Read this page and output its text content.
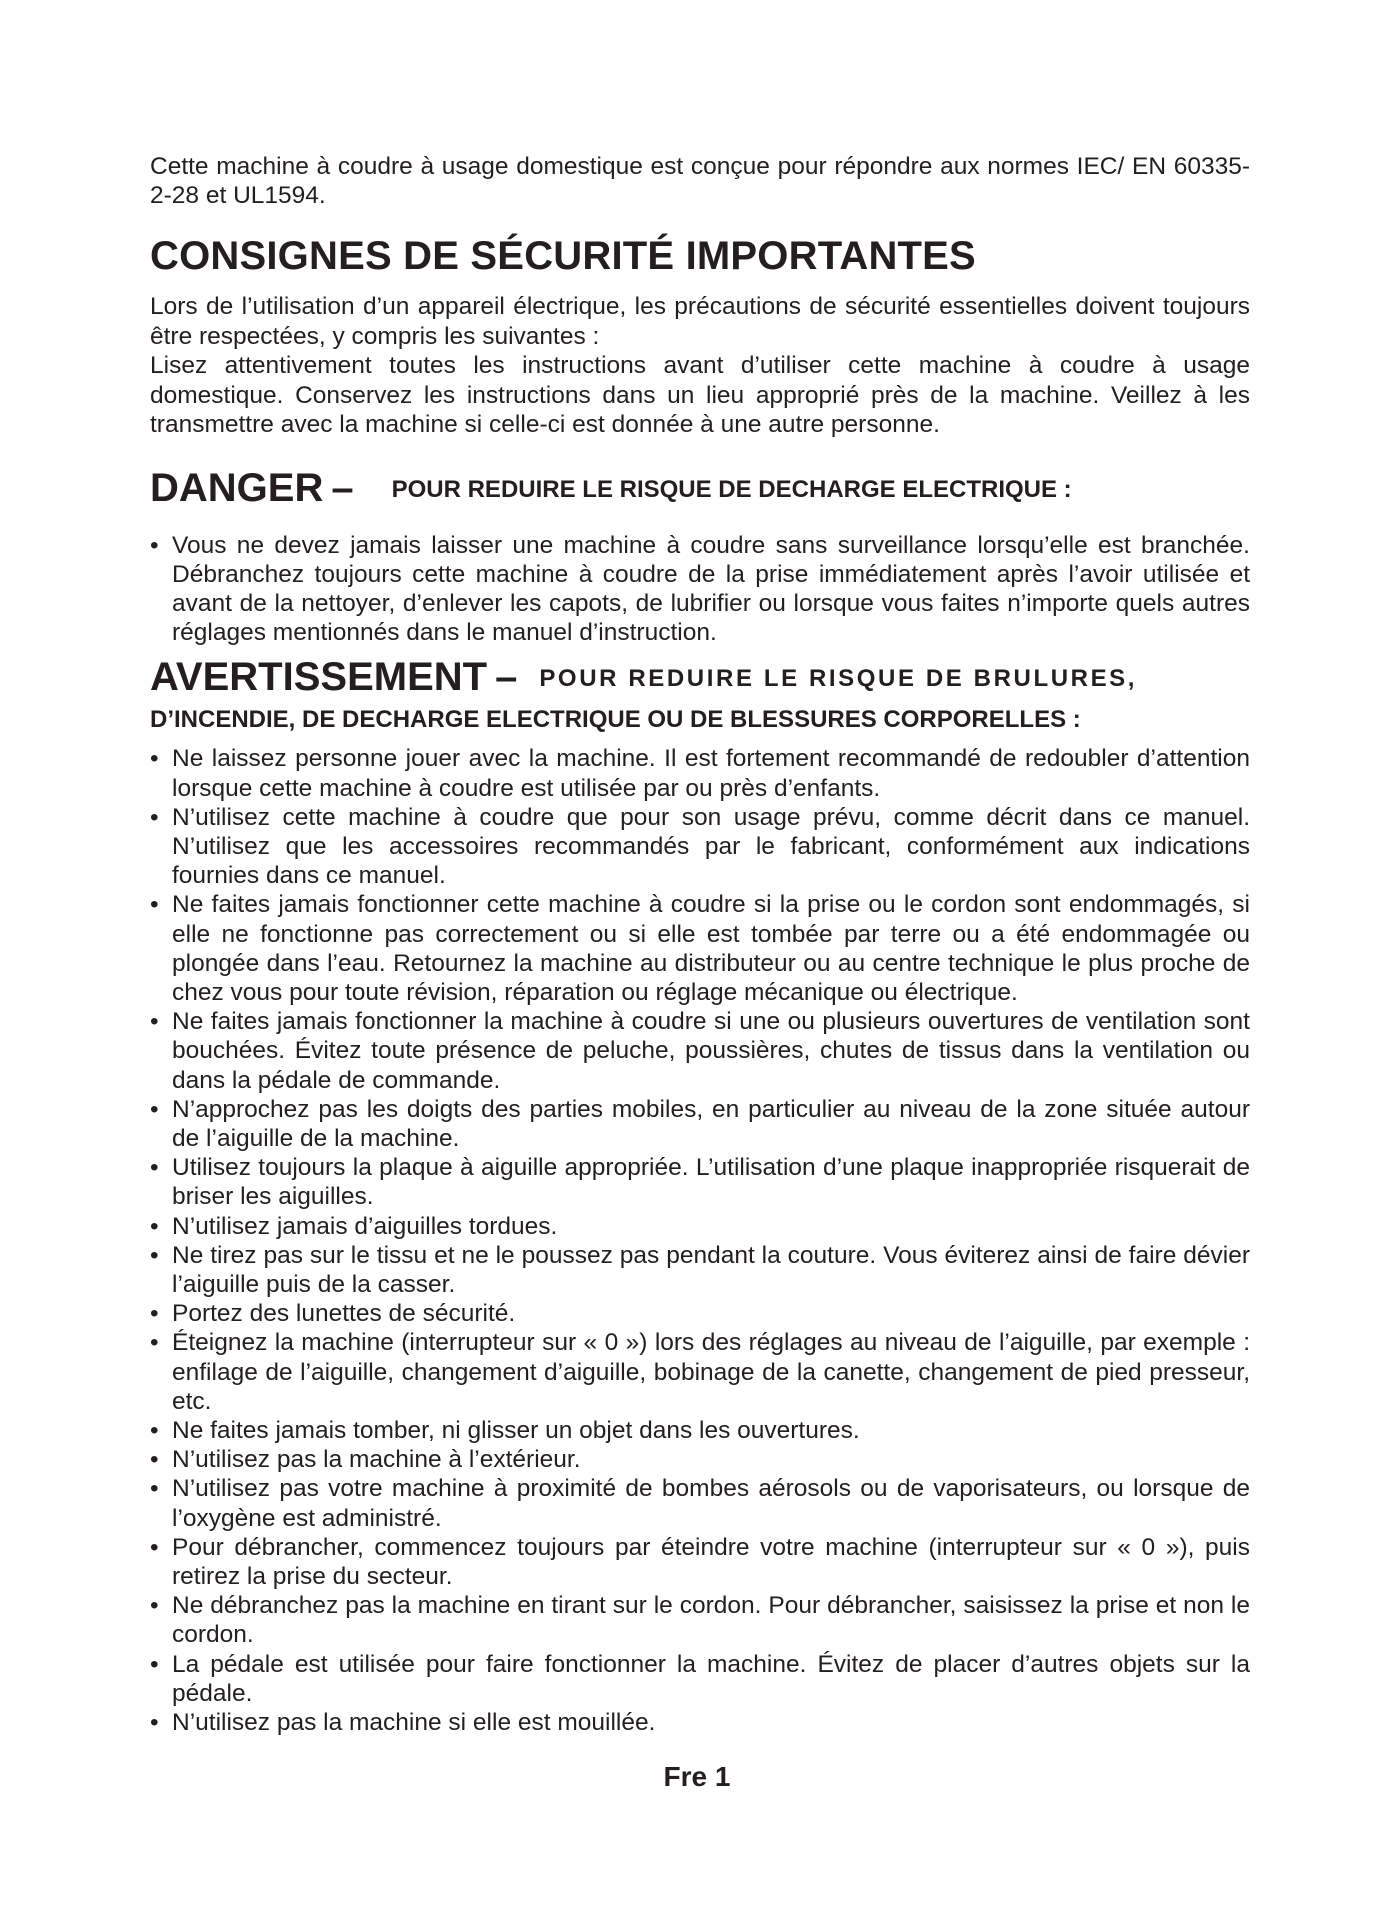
Cette machine à coudre à usage domestique est conçue pour répondre aux normes IEC/ EN 60335-2-28 et UL1594.

CONSIGNES DE SÉCURITÉ IMPORTANTES

Lors de l’utilisation d’un appareil électrique, les précautions de sécurité essentielles doivent toujours être respectées, y compris les suivantes :

Lisez attentivement toutes les instructions avant d’utiliser cette machine à coudre à usage domestique. Conservez les instructions dans un lieu approprié près de la machine. Veillez à les transmettre avec la machine si celle-ci est donnée à une autre personne.

DANGER – POUR REDUIRE LE RISQUE DE DECHARGE ELECTRIQUE :
• Vous ne devez jamais laisser une machine à coudre sans surveillance lorsqu’elle est branchée. Débranchez toujours cette machine à coudre de la prise immédiatement après l’avoir utilisée et avant de la nettoyer, d’enlever les capots, de lubrifier ou lorsque vous faites n’importe quels autres réglages mentionnés dans le manuel d’instruction.
AVERTISSEMENT – POUR REDUIRE LE RISQUE DE BRULURES,
D’INCENDIE, DE DECHARGE ELECTRIQUE OU DE BLESSURES CORPORELLES :
• Ne laissez personne jouer avec la machine. Il est fortement recommandé de redoubler d’attention lorsque cette machine à coudre est utilisée par ou près d’enfants.
• N’utilisez cette machine à coudre que pour son usage prévu, comme décrit dans ce manuel. N’utilisez que les accessoires recommandés par le fabricant, conformément aux indications fournies dans ce manuel.
• Ne faites jamais fonctionner cette machine à coudre si la prise ou le cordon sont endommagés, si elle ne fonctionne pas correctement ou si elle est tombée par terre ou a été endommagée ou plongée dans l’eau. Retournez la machine au distributeur ou au centre technique le plus proche de chez vous pour toute révision, réparation ou réglage mécanique ou électrique.
• Ne faites jamais fonctionner la machine à coudre si une ou plusieurs ouvertures de ventilation sont bouchées. Évitez toute présence de peluche, poussières, chutes de tissus dans la ventilation ou dans la pédale de commande.
• N’approchez pas les doigts des parties mobiles, en particulier au niveau de la zone située autour de l’aiguille de la machine.
• Utilisez toujours la plaque à aiguille appropriée. L’utilisation d’une plaque inappropriée risquerait de briser les aiguilles.
• N’utilisez jamais d’aiguilles tordues.
• Ne tirez pas sur le tissu et ne le poussez pas pendant la couture. Vous éviterez ainsi de faire dévier l’aiguille puis de la casser.
• Portez des lunettes de sécurité.
• Éteignez la machine (interrupteur sur « 0 ») lors des réglages au niveau de l’aiguille, par exemple : enfilage de l’aiguille, changement d’aiguille, bobinage de la canette, changement de pied presseur, etc.
• Ne faites jamais tomber, ni glisser un objet dans les ouvertures.
• N’utilisez pas la machine à l’extérieur.
• N’utilisez pas votre machine à proximité de bombes aérosols ou de vaporisateurs, ou lorsque de l’oxygène est administré.
• Pour débrancher, commencez toujours par éteindre votre machine (interrupteur sur « 0 »), puis retirez la prise du secteur.
• Ne débranchez pas la machine en tirant sur le cordon. Pour débrancher, saisissez la prise et non le cordon.
• La pédale est utilisée pour faire fonctionner la machine. Évitez de placer d’autres objets sur la pédale.
• N’utilisez pas la machine si elle est mouillée.
Fre 1
